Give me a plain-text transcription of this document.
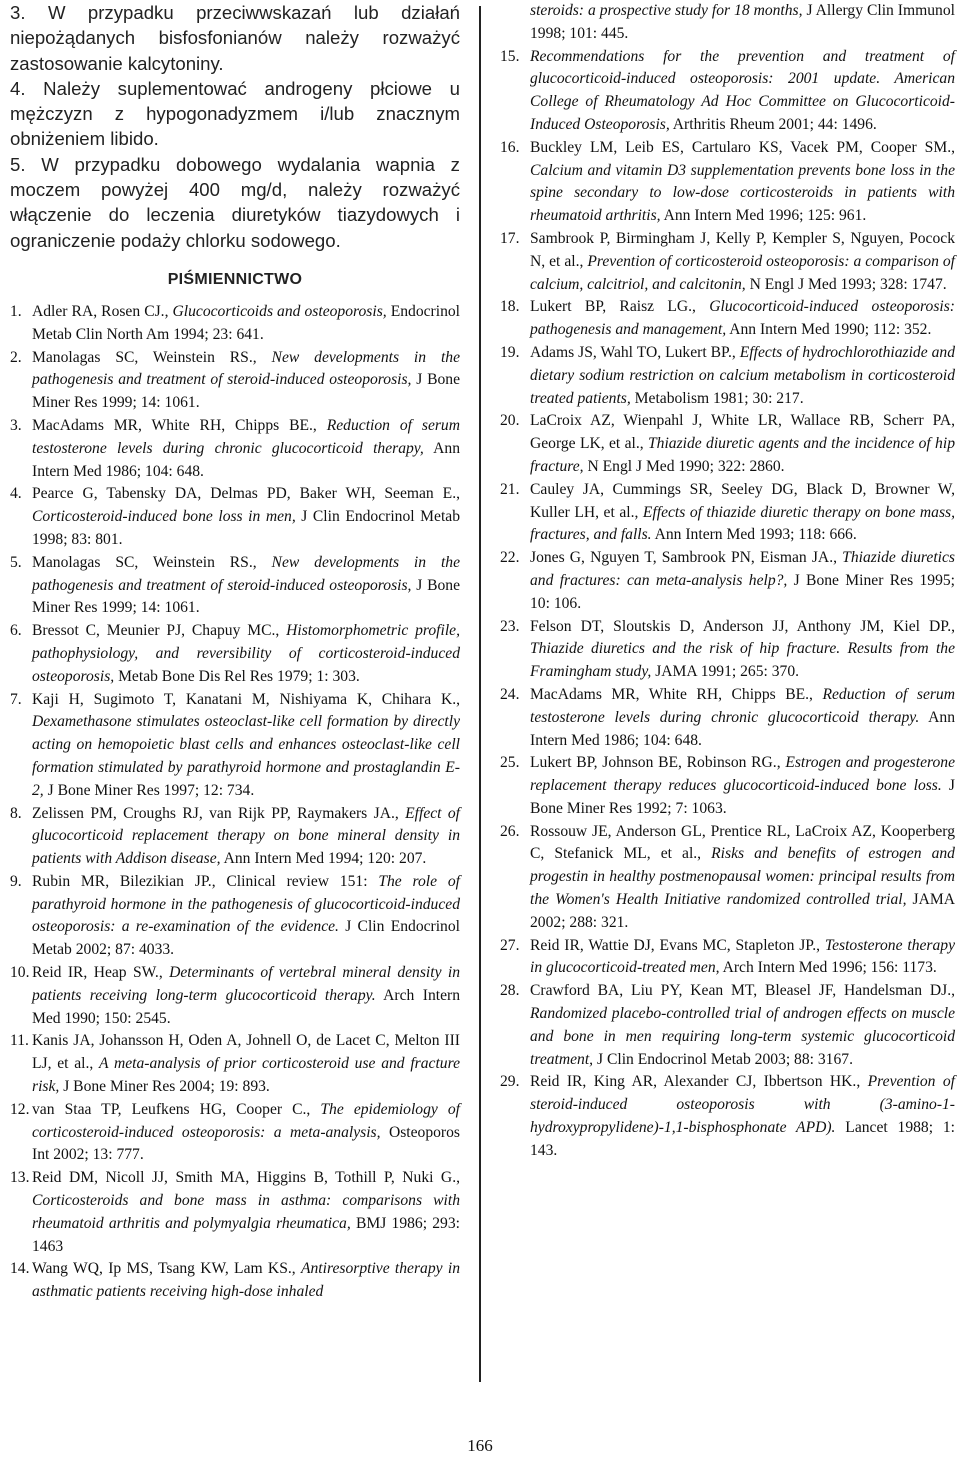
3. W przypadku przeciwwskazań lub działań niepożądanych bisfosfonianów należy rozważyć zastosowanie kalcytoniny.
4. Należy suplementować androgeny płciowe u mężczyzn z hypogonadyzmem i/lub znacznym obniżeniem libido.
5. W przypadku dobowego wydalania wapnia z moczem powyżej 400 mg/d, należy rozważyć włączenie do leczenia diuretyków tiazydowych i ograniczenie podaży chlorku sodowego.
PIŚMIENNICTWO
1. Adler RA, Rosen CJ., Glucocorticoids and osteoporosis, Endocrinol Metab Clin North Am 1994; 23: 641.
2. Manolagas SC, Weinstein RS., New developments in the pathogenesis and treatment of steroid-induced osteoporosis, J Bone Miner Res 1999; 14: 1061.
3. MacAdams MR, White RH, Chipps BE., Reduction of serum testosterone levels during chronic glucocorticoid therapy, Ann Intern Med 1986; 104: 648.
4. Pearce G, Tabensky DA, Delmas PD, Baker WH, Seeman E., Corticosteroid-induced bone loss in men, J Clin Endocrinol Metab 1998; 83: 801.
5. Manolagas SC, Weinstein RS., New developments in the pathogenesis and treatment of steroid-induced osteoporosis, J Bone Miner Res 1999; 14: 1061.
6. Bressot C, Meunier PJ, Chapuy MC., Histomorphometric profile, pathophysiology, and reversibility of corticosteroid-induced osteoporosis, Metab Bone Dis Rel Res 1979; 1: 303.
7. Kaji H, Sugimoto T, Kanatani M, Nishiyama K, Chihara K., Dexamethasone stimulates osteoclast-like cell formation by directly acting on hemopoietic blast cells and enhances osteoclast-like cell formation stimulated by parathyroid hormone and prostaglandin E-2, J Bone Miner Res 1997; 12: 734.
8. Zelissen PM, Croughs RJ, van Rijk PP, Raymakers JA., Effect of glucocorticoid replacement therapy on bone mineral density in patients with Addison disease, Ann Intern Med 1994; 120: 207.
9. Rubin MR, Bilezikian JP., Clinical review 151: The role of parathyroid hormone in the pathogenesis of glucocorticoid-induced osteoporosis: a re-examination of the evidence. J Clin Endocrinol Metab 2002; 87: 4033.
10. Reid IR, Heap SW., Determinants of vertebral mineral density in patients receiving long-term glucocorticoid therapy. Arch Intern Med 1990; 150: 2545.
11. Kanis JA, Johansson H, Oden A, Johnell O, de Lacet C, Melton III LJ, et al., A meta-analysis of prior corticosteroid use and fracture risk, J Bone Miner Res 2004; 19: 893.
12. van Staa TP, Leufkens HG, Cooper C., The epidemiology of corticosteroid-induced osteoporosis: a meta-analysis, Osteoporos Int 2002; 13: 777.
13. Reid DM, Nicoll JJ, Smith MA, Higgins B, Tothill P, Nuki G., Corticosteroids and bone mass in asthma: comparisons with rheumatoid arthritis and polymyalgia rheumatica, BMJ 1986; 293: 1463
14. Wang WQ, Ip MS, Tsang KW, Lam KS., Antiresorptive therapy in asthmatic patients receiving high-dose inhaled
steroids: a prospective study for 18 months, J Allergy Clin Immunol 1998; 101: 445.
15. Recommendations for the prevention and treatment of glucocorticoid-induced osteoporosis: 2001 update. American College of Rheumatology Ad Hoc Committee on Glucocorticoid-Induced Osteoporosis, Arthritis Rheum 2001; 44: 1496.
16. Buckley LM, Leib ES, Cartularo KS, Vacek PM, Cooper SM., Calcium and vitamin D3 supplementation prevents bone loss in the spine secondary to low-dose corticosteroids in patients with rheumatoid arthritis, Ann Intern Med 1996; 125: 961.
17. Sambrook P, Birmingham J, Kelly P, Kempler S, Nguyen, Pocock N, et al., Prevention of corticosteroid osteoporosis: a comparison of calcium, calcitriol, and calcitonin, N Engl J Med 1993; 328: 1747.
18. Lukert BP, Raisz LG., Glucocorticoid-induced osteoporosis: pathogenesis and management, Ann Intern Med 1990; 112: 352.
19. Adams JS, Wahl TO, Lukert BP., Effects of hydrochlorothiazide and dietary sodium restriction on calcium metabolism in corticosteroid treated patients, Metabolism 1981; 30: 217.
20. LaCroix AZ, Wienpahl J, White LR, Wallace RB, Scherr PA, George LK, et al., Thiazide diuretic agents and the incidence of hip fracture, N Engl J Med 1990; 322: 2860.
21. Cauley JA, Cummings SR, Seeley DG, Black D, Browner W, Kuller LH, et al., Effects of thiazide diuretic therapy on bone mass, fractures, and falls. Ann Intern Med 1993; 118: 666.
22. Jones G, Nguyen T, Sambrook PN, Eisman JA., Thiazide diuretics and fractures: can meta-analysis help?, J Bone Miner Res 1995; 10: 106.
23. Felson DT, Sloutskis D, Anderson JJ, Anthony JM, Kiel DP., Thiazide diuretics and the risk of hip fracture. Results from the Framingham study, JAMA 1991; 265: 370.
24. MacAdams MR, White RH, Chipps BE., Reduction of serum testosterone levels during chronic glucocorticoid therapy. Ann Intern Med 1986; 104: 648.
25. Lukert BP, Johnson BE, Robinson RG., Estrogen and progesterone replacement therapy reduces glucocorticoid-induced bone loss. J Bone Miner Res 1992; 7: 1063.
26. Rossouw JE, Anderson GL, Prentice RL, LaCroix AZ, Kooperberg C, Stefanick ML, et al., Risks and benefits of estrogen and progestin in healthy postmenopausal women: principal results from the Women's Health Initiative randomized controlled trial, JAMA 2002; 288: 321.
27. Reid IR, Wattie DJ, Evans MC, Stapleton JP., Testosterone therapy in glucocorticoid-treated men, Arch Intern Med 1996; 156: 1173.
28. Crawford BA, Liu PY, Kean MT, Bleasel JF, Handelsman DJ., Randomized placebo-controlled trial of androgen effects on muscle and bone in men requiring long-term systemic glucocorticoid treatment, J Clin Endocrinol Metab 2003; 88: 3167.
29. Reid IR, King AR, Alexander CJ, Ibbertson HK., Prevention of steroid-induced osteoporosis with (3-amino-1-hydroxypropylidene)-1,1-bisphosphonate APD). Lancet 1988; 1: 143.
166
